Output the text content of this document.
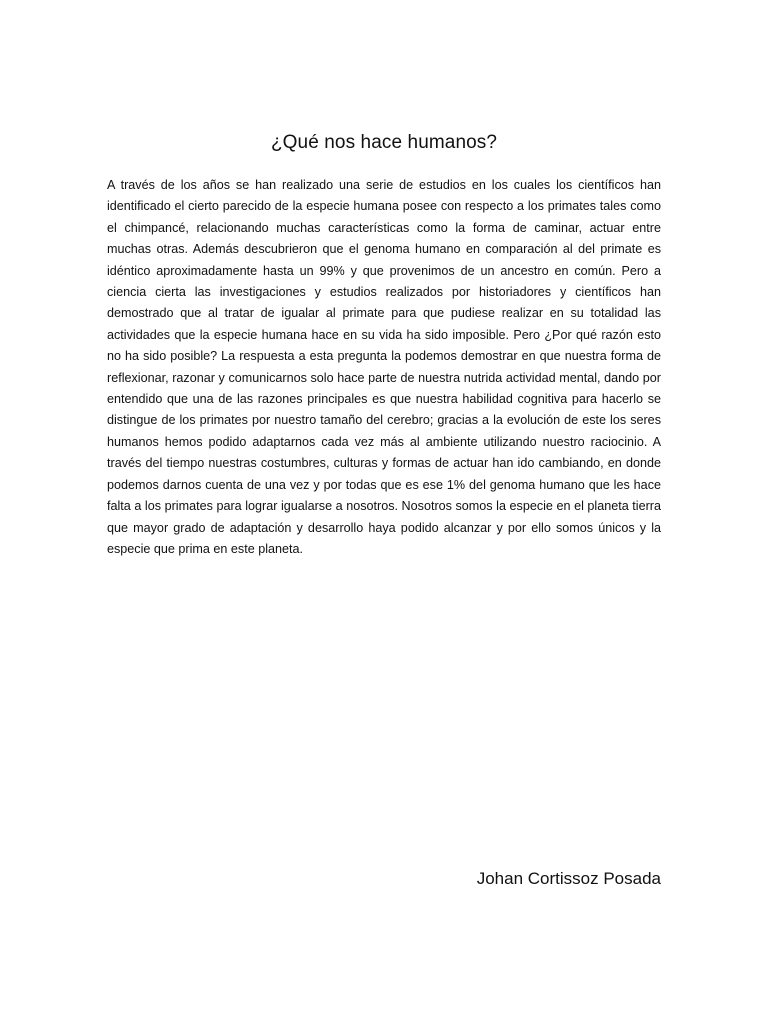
¿Qué nos hace humanos?

A través de los años se han realizado una serie de estudios en los cuales los científicos han identificado el cierto parecido de la especie humana posee con respecto a los primates tales como el chimpancé, relacionando muchas características como la forma de caminar, actuar entre muchas otras. Además descubrieron que el genoma humano en comparación al del primate es idéntico aproximadamente hasta un 99% y que provenimos de un ancestro en común. Pero a ciencia cierta las investigaciones y estudios realizados por historiadores y científicos han demostrado que al tratar de igualar al primate para que pudiese realizar en su totalidad las actividades que la especie humana hace en su vida ha sido imposible. Pero ¿Por qué razón esto no ha sido posible? La respuesta a esta pregunta la podemos demostrar en que nuestra forma de reflexionar, razonar y comunicarnos solo hace parte de nuestra nutrida actividad mental, dando por entendido que una de las razones principales es que nuestra habilidad cognitiva para hacerlo se distingue de los primates por nuestro tamaño del cerebro; gracias a la evolución de este los seres humanos hemos podido adaptarnos cada vez más al ambiente utilizando nuestro raciocinio. A través del tiempo nuestras costumbres, culturas y formas de actuar han ido cambiando, en donde podemos darnos cuenta de una vez y por todas que es ese 1% del genoma humano que les hace falta a los primates para lograr igualarse a nosotros. Nosotros somos la especie en el planeta tierra que mayor grado de adaptación y desarrollo haya podido alcanzar y por ello somos únicos y la especie que prima en este planeta.

Johan Cortissoz Posada
